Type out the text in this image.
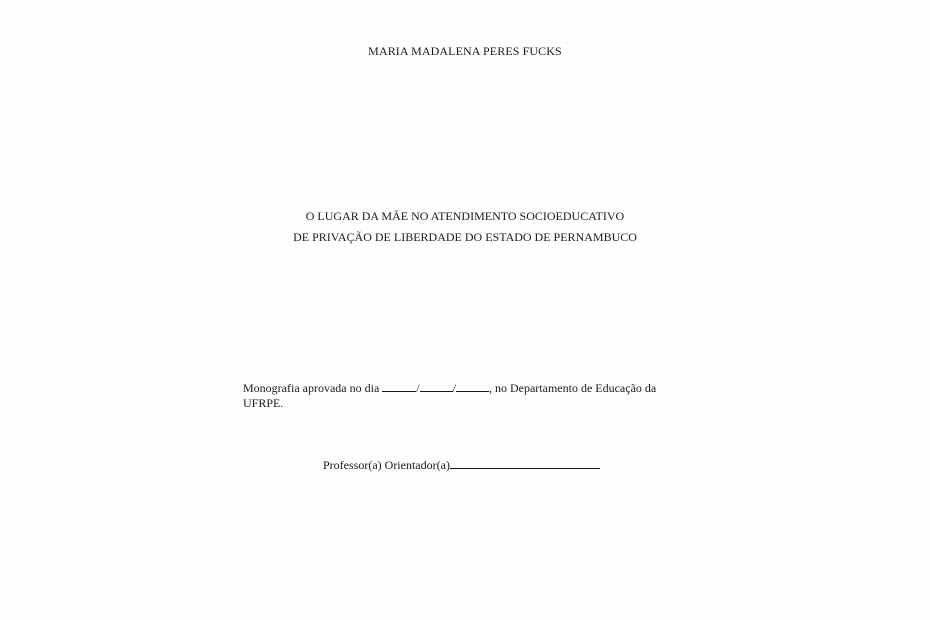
MARIA MADALENA PERES FUCKS
O LUGAR DA MÃE NO ATENDIMENTO SOCIOEDUCATIVO
DE PRIVAÇÃO DE LIBERDADE DO ESTADO DE PERNAMBUCO
Monografia aprovada no dia	/	/	, no Departamento de Educação da
UFRPE.
Professor(a) Orientador(a)
